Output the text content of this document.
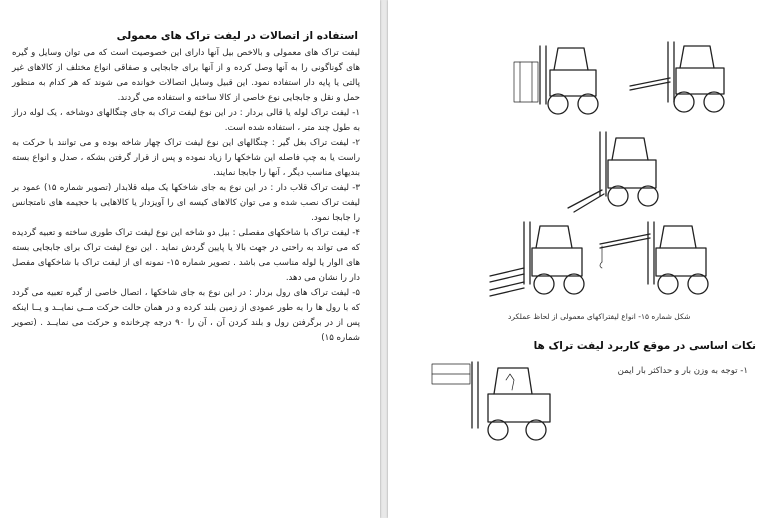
استفاده از اتصالات در لیفت تراک های معمولی

لیفت تراک های معمولی و بالاخص بیل آنها دارای این خصوصیت است که می توان وسایل و گیره های گوناگونی را به آنها وصل کرده و از آنها برای جابجایی و صفاقی انواع مختلف از کالاهای غیر پالتی یا پایه دار استفاده نمود. این قبیل وسایل اتصالات خوانده می شوند که هر کدام به منظور حمل و نقل و جابجایی نوع خاصی از کالا ساخته و استفاده می گردند.

۱- لیفت تراک لوله یا قالی بردار : در این نوع لیفت تراک به جای چنگالهای دوشاخه ، یک لوله دراز به طول چند متر ، استفاده شده است.

۲- لیفت تراک بغل گیر : چنگالهای این نوع لیفت تراک چهار شاخه بوده و می توانند با حرکت به راست یا به چپ فاصله این شاخکها را زیاد نموده و پس از قرار گرفتن بشکه ، صدل و انواع بسته بندیهای مناسب دیگر ، آنها را جابجا نمایند.

۳- لیفت تراک قلاب دار : در این نوع به جای شاخکها یک میله قلابدار (تصویر شماره ۱۵) عمود بر لیفت تراک نصب شده و می توان کالاهای کیسه ای را آویزدار یا کالاهایی با حجیمه های نامتجانس را جابجا نمود.

۴- لیفت تراک با شاخکهای مفصلی : بیل دو شاخه این نوع لیفت تراک طوری ساخته و تعبیه گردیده که می تواند به راحتی در جهت بالا یا پایین گردش نماید . این نوع لیفت تراک برای جابجایی بسته های الوار یا لوله مناسب می باشد . تصویر شماره ۱۵- نمونه ای از لیفت تراک با شاخکهای مفصل دار را نشان می دهد.

۵- لیفت تراک های رول بردار : در این نوع به جای شاخکها ، اتصال خاصی از گیره تعبیه می گردد که با رول ها را به طور عمودی از زمین بلند کرده و در همان حالت حرکت مــی نمایــد و یــا اینکه پس از در برگرفتن رول و بلند کردن آن ، آن را ۹۰ درجه چرخانده و حرکت می نمایــد . (تصویر شماره ۱۵)

شکل شماره ۱۵- انواع لیفتراکهای معمولی از لحاظ عملکرد
نکات اساسی در موقع کاربرد لیفت تراک ها
۱- توجه به وزن بار و حداکثر بار ایمن
